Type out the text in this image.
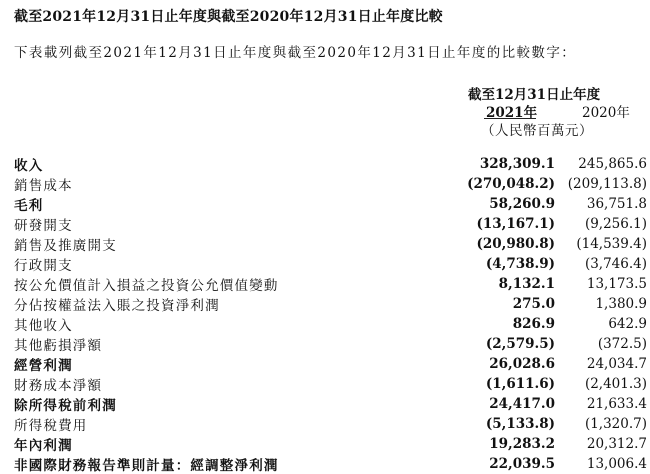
截至2021年12月31日止年度與截至2020年12月31日止年度比較
下表載列截至2021年12月31日止年度與截至2020年12月31日止年度的比較數字：
截至12月31日止年度
2021年	2020年
（人民幣百萬元）
收入	328,309.1	245,865.6
銷售成本	(270,048.2)	(209,113.8)
毛利	58,260.9	36,751.8
研發開支	(13,167.1)	(9,256.1)
銷售及推廣開支	(20,980.8)	(14,539.4)
行政開支	(4,738.9)	(3,746.4)
按公允價值計入損益之投資公允價值變動	8,132.1	13,173.5
分佔按權益法入賬之投資淨利潤	275.0	1,380.9
其他收入	826.9	642.9
其他虧損淨額	(2,579.5)	(372.5)
經營利潤	26,028.6	24,034.7
財務成本淨額	(1,611.6)	(2,401.3)
除所得稅前利潤	24,417.0	21,633.4
所得稅費用	(5,133.8)	(1,320.7)
年內利潤	19,283.2	20,312.7
非國際財務報告準則計量：經調整淨利潤	22,039.5	13,006.4
